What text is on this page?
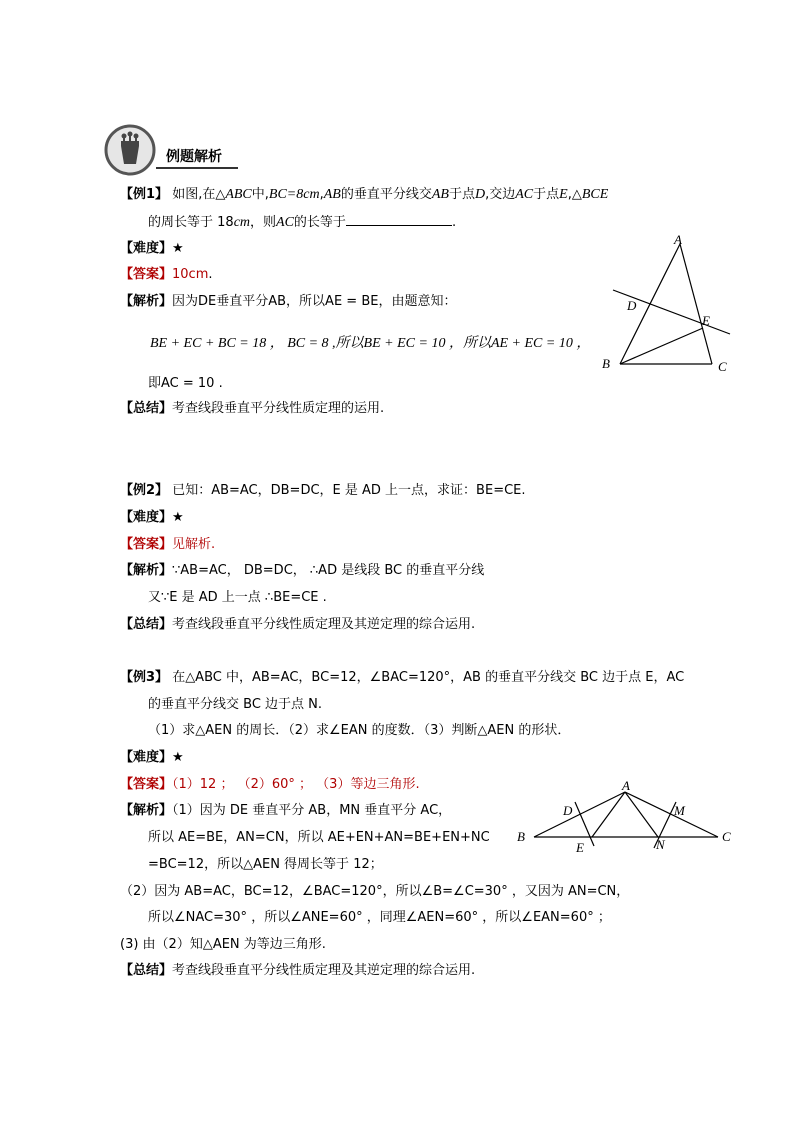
例题解析
【例1】 如图,在△ABC中,BC=8cm,AB的垂直平分线交AB于点D,交边AC于点E,△BCE
的周长等于 18cm，则AC的长等于	.
【难度】★
【答案】10cm.
【解析】因为DE垂直平分AB，所以AE = BE，由题意知：
BE + EC + BC = 18 ， BC = 8 ,所以BE + EC = 10 ，所以AE + EC = 10 ，
即AC = 10 .
【总结】考查线段垂直平分线性质定理的运用.
A
B	C
D
E
【例2】 已知：AB=AC，DB=DC，E 是 AD 上一点，求证：BE=CE.
【难度】★
【答案】见解析.
【解析】∵AB=AC， DB=DC， ∴AD 是线段 BC 的垂直平分线
又∵E 是 AD 上一点 ∴BE=CE .
【总结】考查线段垂直平分线性质定理及其逆定理的综合运用.
【例3】 在△ABC 中，AB=AC，BC=12，∠BAC=120°，AB 的垂直平分线交 BC 边于点 E，AC
的垂直平分线交 BC 边于点 N.
（1）求△AEN 的周长．（2）求∠EAN 的度数．（3）判断△AEN 的形状．
【难度】★
【答案】（1）12 ； （2）60° ； （3）等边三角形.
【解析】（1）因为 DE 垂直平分 AB，MN 垂直平分 AC，
所以 AE=BE，AN=CN，所以 AE+EN+AN=BE+EN+NC
=BC=12，所以△AEN 得周长等于 12；
（2）因为 AB=AC，BC=12，∠BAC=120°，所以∠B=∠C=30° ，又因为 AN=CN，
所以∠NAC=30° ，所以∠ANE=60° ，同理∠AEN=60° ，所以∠EAN=60° ；
(3) 由（2）知△AEN 为等边三角形.
【总结】考查线段垂直平分线性质定理及其逆定理的综合运用.
A
B	C
D
E
M
N
